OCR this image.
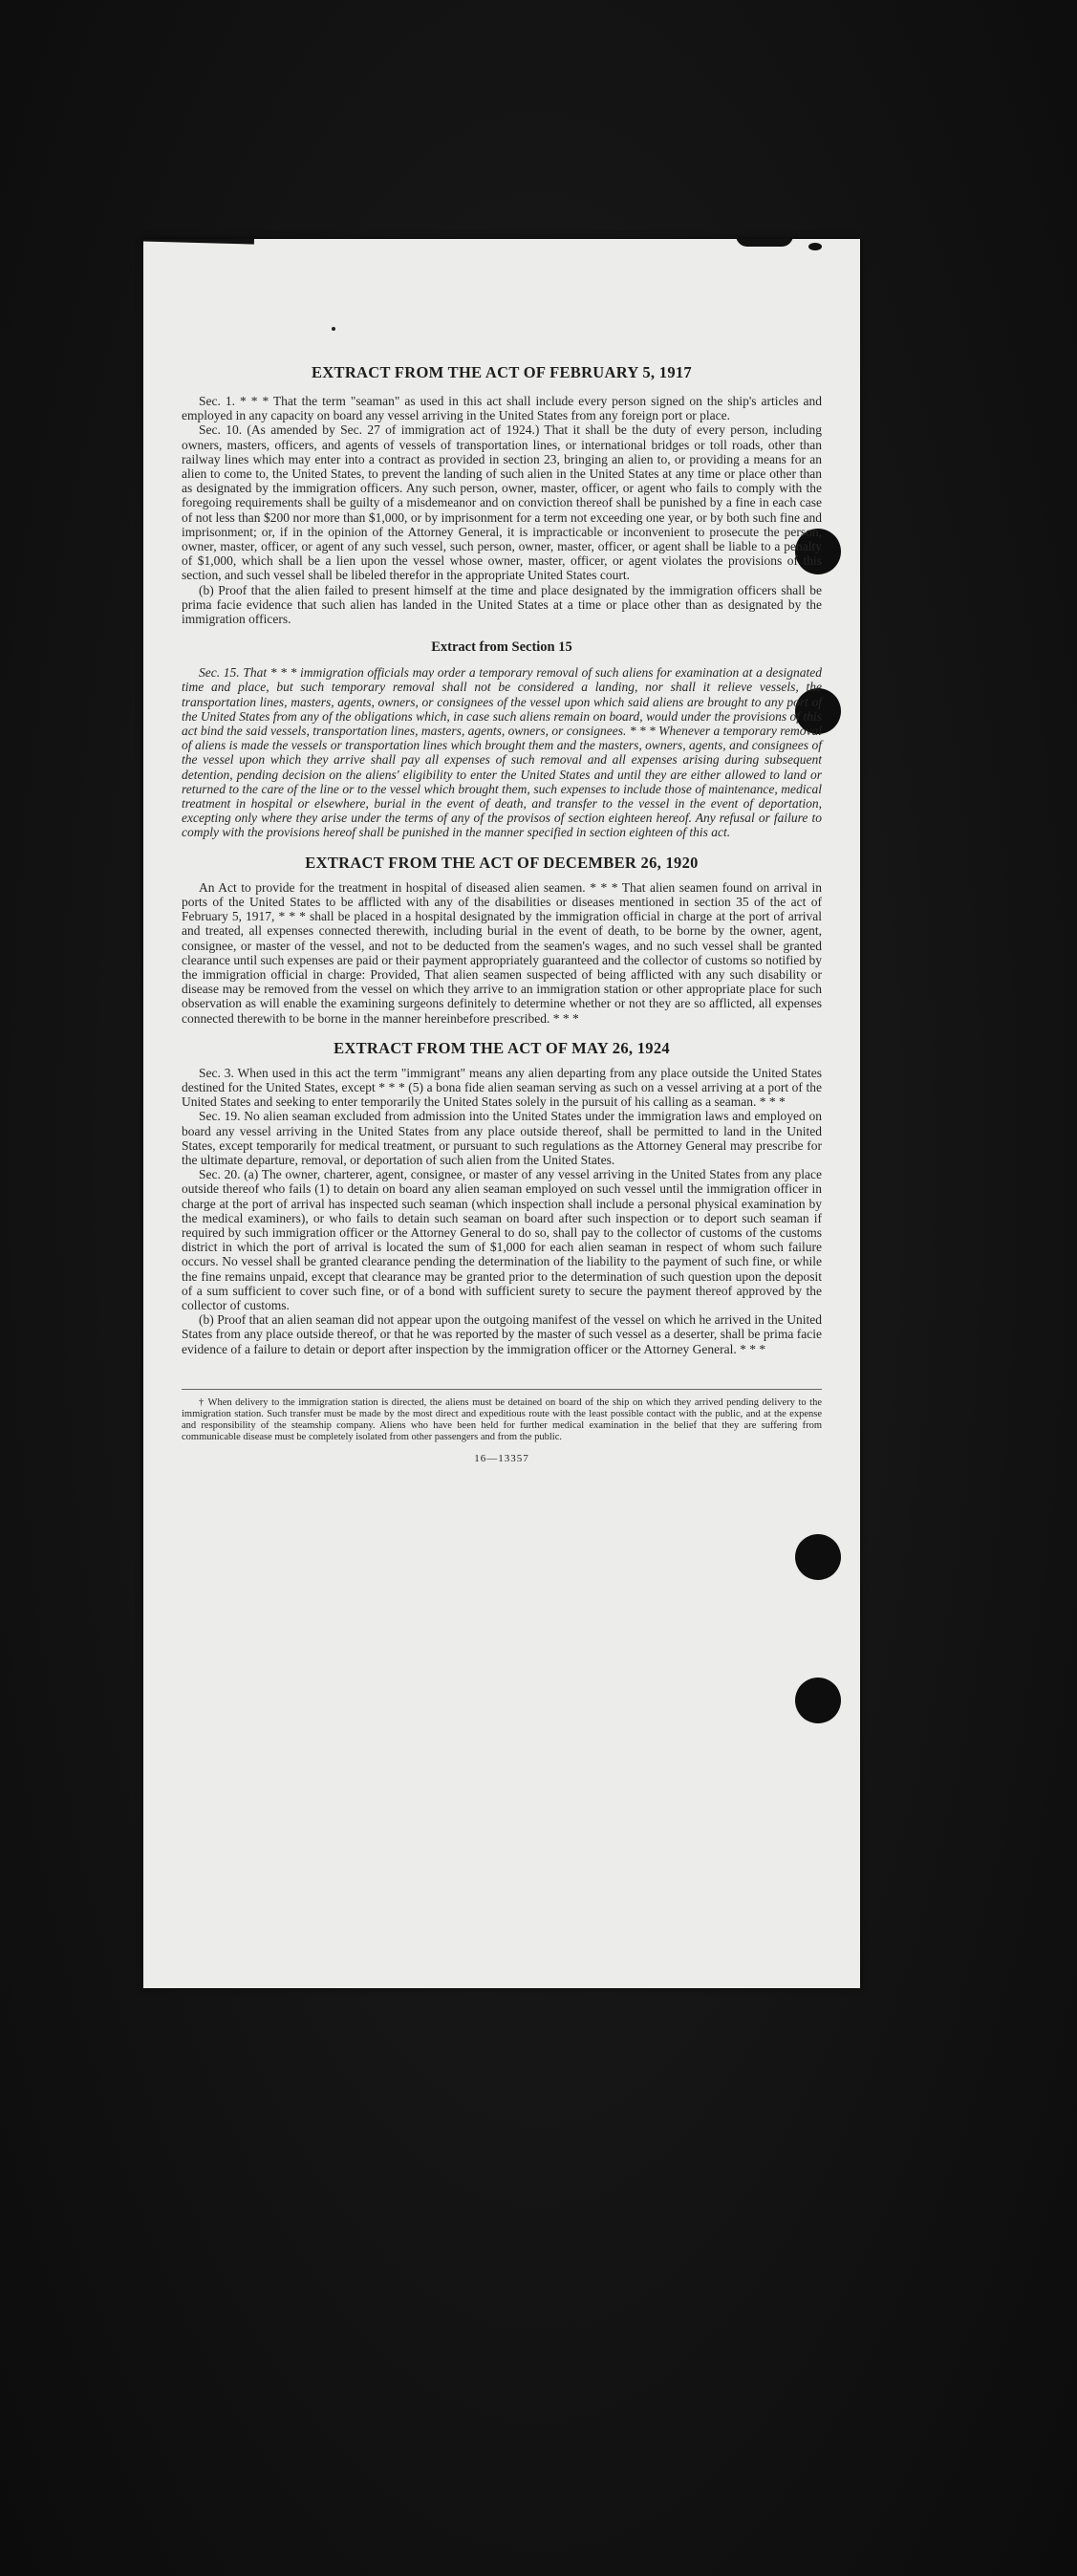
EXTRACT FROM THE ACT OF FEBRUARY 5, 1917

Sec. 1. * * * That the term "seaman" as used in this act shall include every person signed on the ship's articles and employed in any capacity on board any vessel arriving in the United States from any foreign port or place.

Sec. 10. (As amended by Sec. 27 of immigration act of 1924.) That it shall be the duty of every person, including owners, masters, officers, and agents of vessels of transportation lines, or international bridges or toll roads, other than railway lines which may enter into a contract as provided in section 23, bringing an alien to, or providing a means for an alien to come to, the United States, to prevent the landing of such alien in the United States at any time or place other than as designated by the immigration officers. Any such person, owner, master, officer, or agent who fails to comply with the foregoing requirements shall be guilty of a misdemeanor and on conviction thereof shall be punished by a fine in each case of not less than $200 nor more than $1,000, or by imprisonment for a term not exceeding one year, or by both such fine and imprisonment; or, if in the opinion of the Attorney General, it is impracticable or inconvenient to prosecute the person, owner, master, officer, or agent of any such vessel, such person, owner, master, officer, or agent shall be liable to a penalty of $1,000, which shall be a lien upon the vessel whose owner, master, officer, or agent violates the provisions of this section, and such vessel shall be libeled therefor in the appropriate United States court.

(b) Proof that the alien failed to present himself at the time and place designated by the immigration officers shall be prima facie evidence that such alien has landed in the United States at a time or place other than as designated by the immigration officers.

Extract from Section 15

Sec. 15. That * * * immigration officials may order a temporary removal of such aliens for examination at a designated time and place, but such temporary removal shall not be considered a landing, nor shall it relieve vessels, the transportation lines, masters, agents, owners, or consignees of the vessel upon which said aliens are brought to any port of the United States from any of the obligations which, in case such aliens remain on board, would under the provisions of this act bind the said vessels, transportation lines, masters, agents, owners, or consignees. * * * Whenever a temporary removal of aliens is made the vessels or transportation lines which brought them and the masters, owners, agents, and consignees of the vessel upon which they arrive shall pay all expenses of such removal and all expenses arising during subsequent detention, pending decision on the aliens' eligibility to enter the United States and until they are either allowed to land or returned to the care of the line or to the vessel which brought them, such expenses to include those of maintenance, medical treatment in hospital or elsewhere, burial in the event of death, and transfer to the vessel in the event of deportation, excepting only where they arise under the terms of any of the provisos of section eighteen hereof. Any refusal or failure to comply with the provisions hereof shall be punished in the manner specified in section eighteen of this act.

EXTRACT FROM THE ACT OF DECEMBER 26, 1920

An Act to provide for the treatment in hospital of diseased alien seamen. * * * That alien seamen found on arrival in ports of the United States to be afflicted with any of the disabilities or diseases mentioned in section 35 of the act of February 5, 1917, * * * shall be placed in a hospital designated by the immigration official in charge at the port of arrival and treated, all expenses connected therewith, including burial in the event of death, to be borne by the owner, agent, consignee, or master of the vessel, and not to be deducted from the seamen's wages, and no such vessel shall be granted clearance until such expenses are paid or their payment appropriately guaranteed and the collector of customs so notified by the immigration official in charge: Provided, That alien seamen suspected of being afflicted with any such disability or disease may be removed from the vessel on which they arrive to an immigration station or other appropriate place for such observation as will enable the examining surgeons definitely to determine whether or not they are so afflicted, all expenses connected therewith to be borne in the manner hereinbefore prescribed. * * *

EXTRACT FROM THE ACT OF MAY 26, 1924

Sec. 3. When used in this act the term "immigrant" means any alien departing from any place outside the United States destined for the United States, except * * * (5) a bona fide alien seaman serving as such on a vessel arriving at a port of the United States and seeking to enter temporarily the United States solely in the pursuit of his calling as a seaman. * * *

Sec. 19. No alien seaman excluded from admission into the United States under the immigration laws and employed on board any vessel arriving in the United States from any place outside thereof, shall be permitted to land in the United States, except temporarily for medical treatment, or pursuant to such regulations as the Attorney General may prescribe for the ultimate departure, removal, or deportation of such alien from the United States.

Sec. 20. (a) The owner, charterer, agent, consignee, or master of any vessel arriving in the United States from any place outside thereof who fails (1) to detain on board any alien seaman employed on such vessel until the immigration officer in charge at the port of arrival has inspected such seaman (which inspection shall include a personal physical examination by the medical examiners), or who fails to detain such seaman on board after such inspection or to deport such seaman if required by such immigration officer or the Attorney General to do so, shall pay to the collector of customs of the customs district in which the port of arrival is located the sum of $1,000 for each alien seaman in respect of whom such failure occurs. No vessel shall be granted clearance pending the determination of the liability to the payment of such fine, or while the fine remains unpaid, except that clearance may be granted prior to the determination of such question upon the deposit of a sum sufficient to cover such fine, or of a bond with sufficient surety to secure the payment thereof approved by the collector of customs.

(b) Proof that an alien seaman did not appear upon the outgoing manifest of the vessel on which he arrived in the United States from any place outside thereof, or that he was reported by the master of such vessel as a deserter, shall be prima facie evidence of a failure to detain or deport after inspection by the immigration officer or the Attorney General. * * *

† When delivery to the immigration station is directed, the aliens must be detained on board of the ship on which they arrived pending delivery to the immigration station. Such transfer must be made by the most direct and expeditious route with the least possible contact with the public, and at the expense and responsibility of the steamship company. Aliens who have been held for further medical examination in the belief that they are suffering from communicable disease must be completely isolated from other passengers and from the public.

16—13357
